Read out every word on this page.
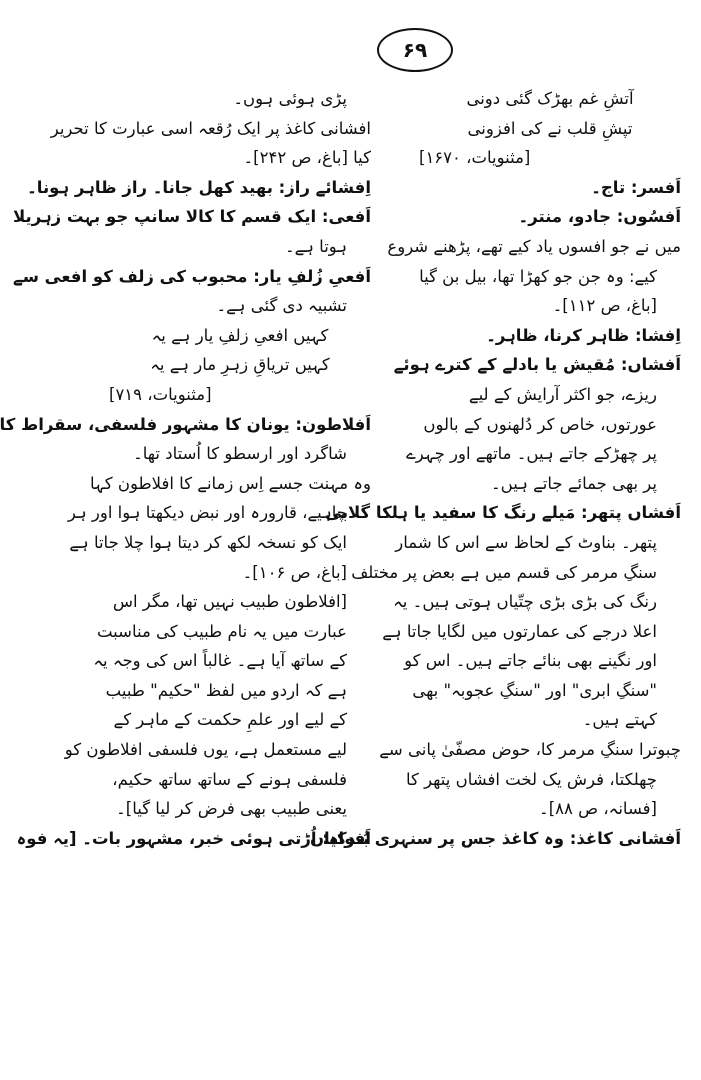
۶۹
آتشِ غم بھڑک گئی دونی
تپشِ قلب نے کی افزونی
[مثنویات، ۱۶۷۰]
اَفسر: تاج۔
اَفسُوں: جادو، منتر۔
میں نے جو افسوں یاد کیے تھے، پڑھنے شروع
کیے: وہ جن جو کھڑا تھا، بیل بن گیا
[باغ، ص ۱۱۲]۔
اِفشا: ظاہر کرنا، ظاہر۔
اَفشاں: مُقیش یا بادلے کے کترے ہوئے
ریزے، جو اکثر آرایش کے لیے
عورتوں، خاص کر دُلھنوں کے بالوں
پر چھڑکے جاتے ہیں۔ ماتھے اور چہرے
پر بھی جمائے جاتے ہیں۔
اَفشاں پتھر: مَیلے رنگ کا سفید یا ہلکا گلابی
پتھر۔ بناوٹ کے لحاظ سے اس کا شمار
سنگِ مرمر کی قسم میں ہے بعض پر مختلف
رنگ کی بڑی بڑی چتّیاں ہوتی ہیں۔ یہ
اعلا درجے کی عمارتوں میں لگایا جاتا ہے
اور نگینے بھی بنائے جاتے ہیں۔ اس کو
"سنگِ ابری" اور "سنگِ عجوبہ" بھی
کہتے ہیں۔
چبوترا سنگِ مرمر کا، حوض مصفّیٰ پانی سے
چھلکتا، فرش یک لخت افشاں پتھر کا
[فسانہ، ص ۸۸]۔
اَفشانی کاغذ: وہ کاغذ جس پر سنہری بُندکیاں
پڑی ہوئی ہوں۔
افشانی کاغذ پر ایک رُقعہ اسی عبارت کا تحریر
کیا [باغ، ص ۲۴۲]۔
اِفشائے راز: بھید کھل جانا۔ راز ظاہر ہونا۔
اَفعی: ایک قسم کا کالا سانپ جو بہت زہریلا
ہوتا ہے۔
اَفعیِ زُلفِ یار: محبوب کی زلف کو افعی سے
تشبیہ دی گئی ہے۔
کہیں افعیِ زلفِ یار ہے یہ
کہیں تریاقِ زہرِ مار ہے یہ
[مثنویات، ۷۱۹]
اَفلاطون: یونان کا مشہور فلسفی، سقراط کا
شاگرد اور ارسطو کا اُستاد تھا۔
وہ مہنت جسے اِس زمانے کا افلاطون کہا
چاہیے، قارورہ اور نبض دیکھتا ہوا اور ہر
ایک کو نسخہ لکھ کر دیتا ہوا چلا جاتا ہے
[باغ، ص ۱۰۶]۔
[افلاطون طبیب نہیں تھا، مگر اس
عبارت میں یہ نام طبیب کی مناسبت
کے ساتھ آیا ہے۔ غالباً اس کی وجہ یہ
ہے کہ اردو میں لفظ "حکیم" طبیب
کے لیے اور علمِ حکمت کے ماہر کے
لیے مستعمل ہے، یوں فلسفی افلاطون کو
فلسفی ہونے کے ساتھ ساتھ حکیم،
یعنی طبیب بھی فرض کر لیا گیا]۔
اَفواہ: اُڑتی ہوئی خبر، مشہور بات۔ [یہ فوہ
